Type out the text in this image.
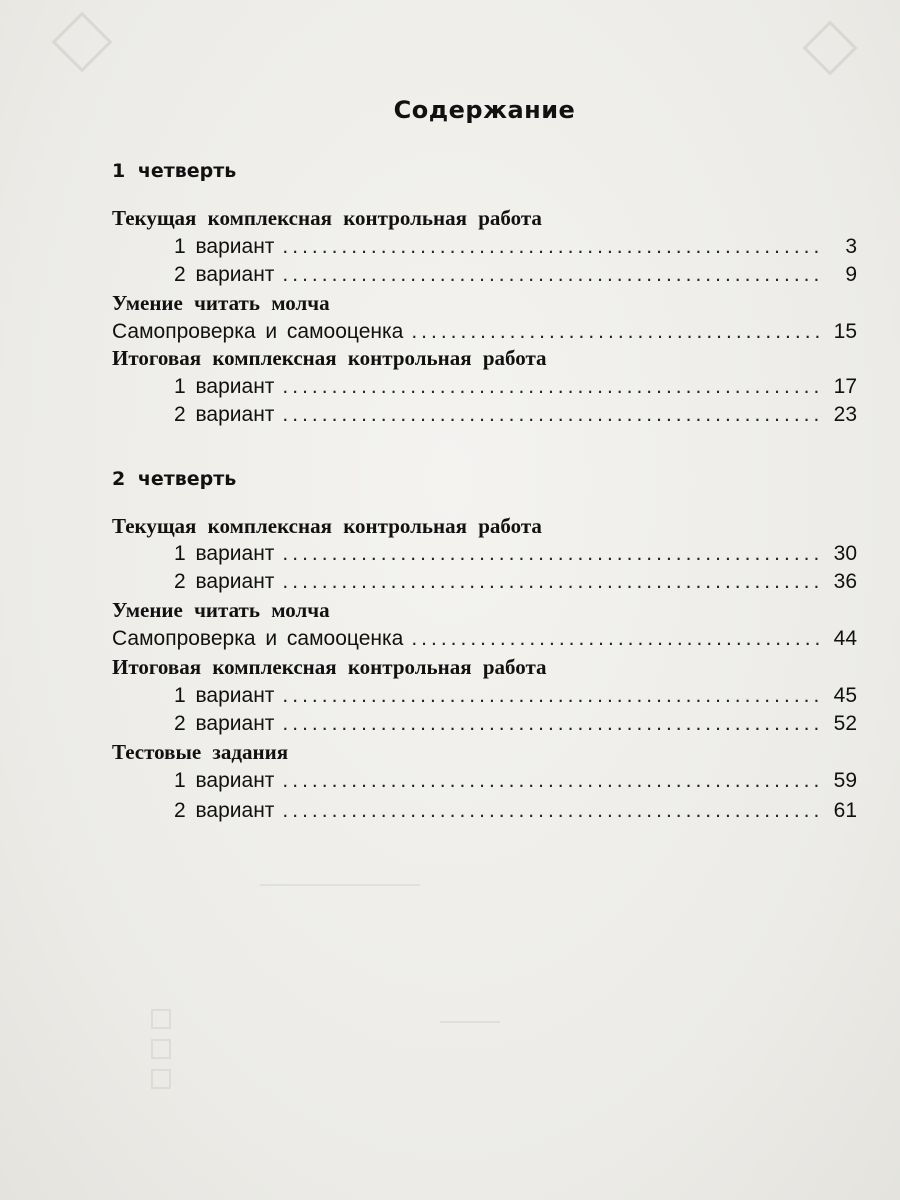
Содержание
1 четверть
Текущая комплексная контрольная работа
1 вариант .....	3
2 вариант .....	9
Умение читать молча
Самопроверка и самооценка .....	15
Итоговая комплексная контрольная работа
1 вариант .....	17
2 вариант .....	23
2 четверть
Текущая комплексная контрольная работа
1 вариант .....	30
2 вариант .....	36
Умение читать молча
Самопроверка и самооценка .....	44
Итоговая комплексная контрольная работа
1 вариант .....	45
2 вариант .....	52
Тестовые задания
1 вариант .....	59
2 вариант .....	61
